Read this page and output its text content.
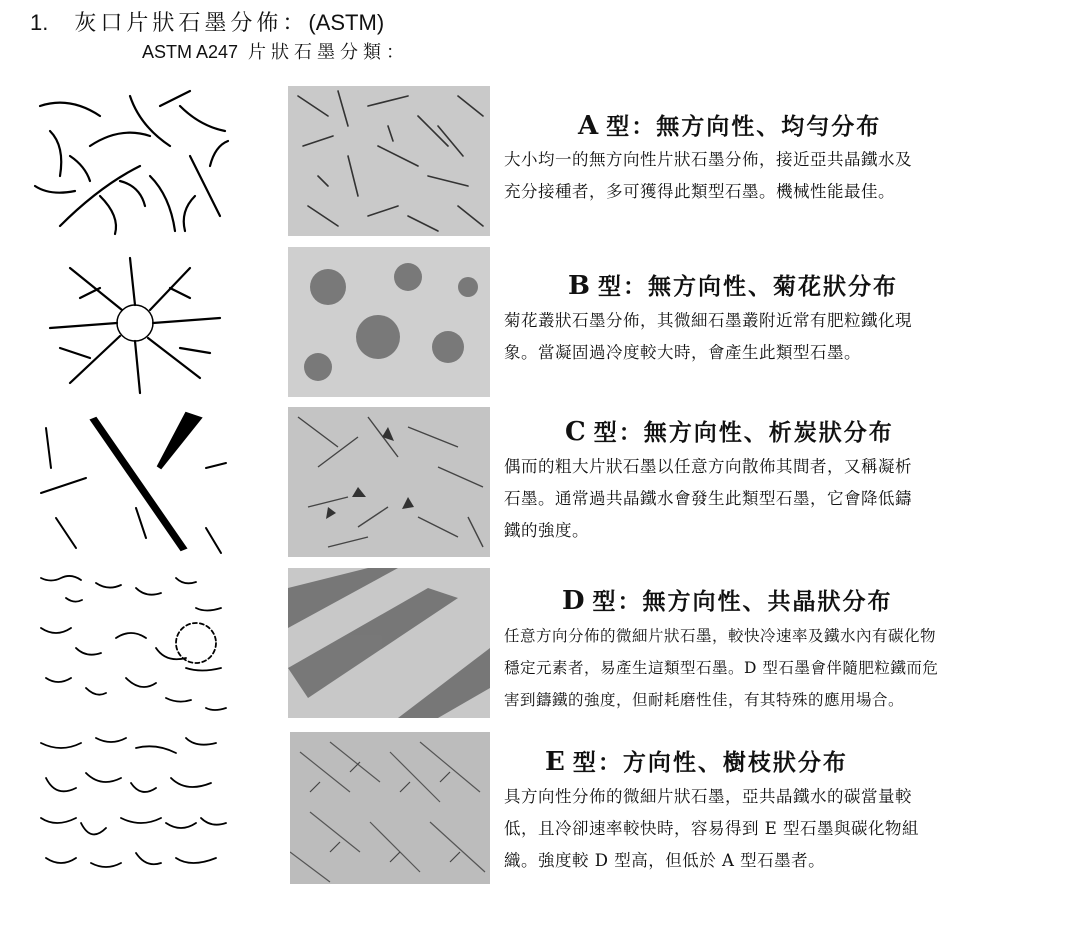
1. 灰口片狀石墨分佈：(ASTM)
ASTM A247 片狀石墨分類：
A 型：無方向性、均勻分布
大小均一的無方向性片狀石墨分佈，接近亞共晶鐵水及
充分接種者，多可獲得此類型石墨。機械性能最佳。
B 型：無方向性、菊花狀分布
菊花叢狀石墨分佈，其微細石墨叢附近常有肥粒鐵化現
象。當凝固過冷度較大時，會產生此類型石墨。
C 型：無方向性、析炭狀分布
偶而的粗大片狀石墨以任意方向散佈其間者，又稱凝析
石墨。通常過共晶鐵水會發生此類型石墨，它會降低鑄
鐵的強度。
D 型：無方向性、共晶狀分布
任意方向分佈的微細片狀石墨，較快冷速率及鐵水內有碳化物
穩定元素者，易產生這類型石墨。D 型石墨會伴隨肥粒鐵而危
害到鑄鐵的強度，但耐耗磨性佳，有其特殊的應用場合。
E 型：方向性、樹枝狀分布
具方向性分佈的微細片狀石墨，亞共晶鐵水的碳當量較
低，且冷卻速率較快時，容易得到 E 型石墨與碳化物組
織。強度較 D 型高，但低於 A 型石墨者。
